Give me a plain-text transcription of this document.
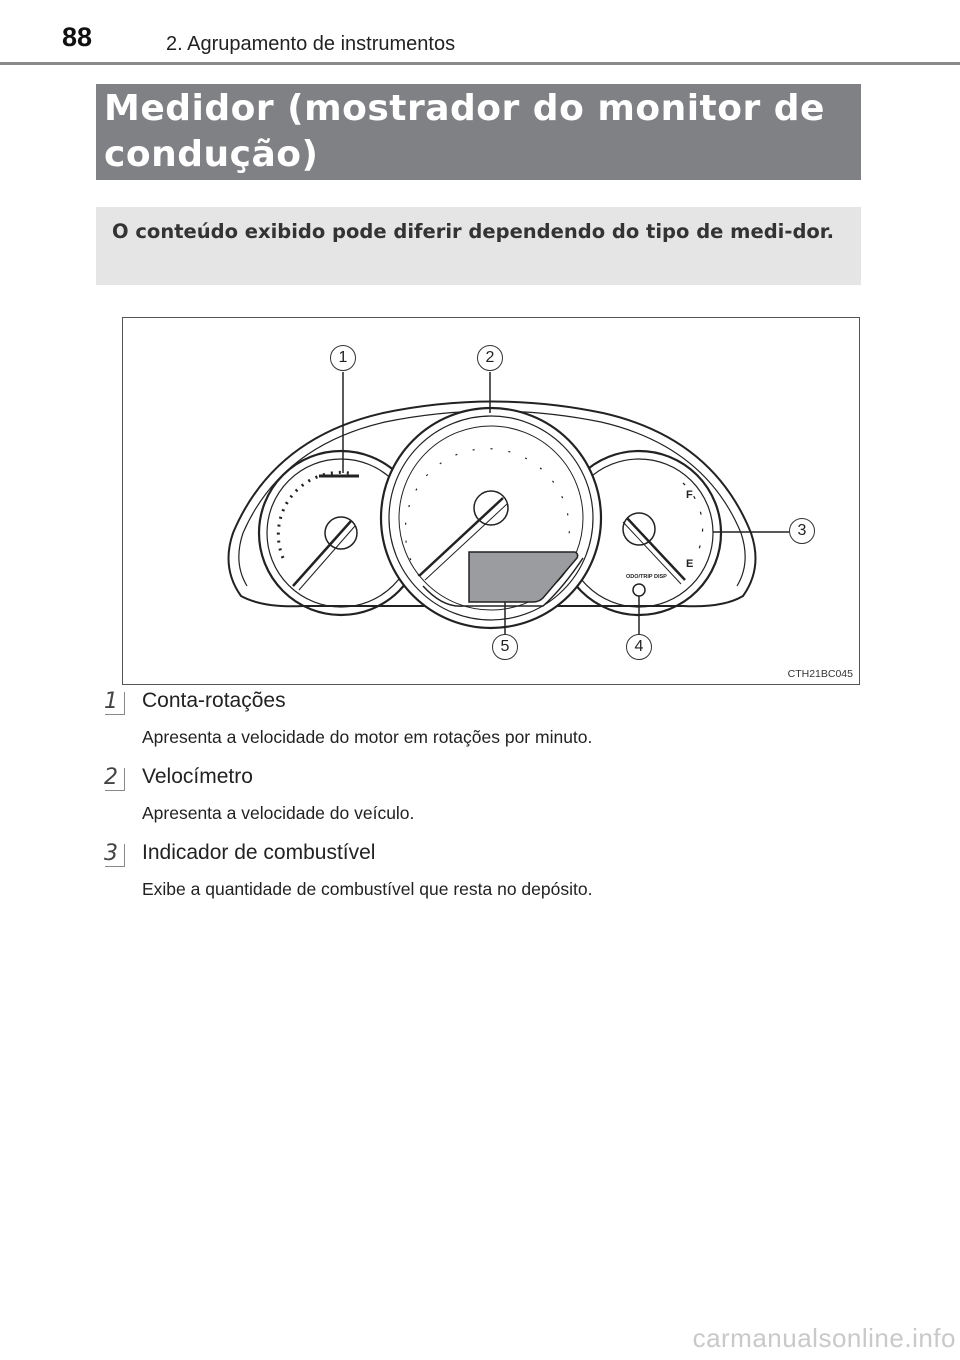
88	2. Agrupamento de instrumentos
Medidor (mostrador do monitor de condução)
O conteúdo exibido pode diferir dependendo do tipo de medi-dor.
F
E
ODO/TRIP DISP
1	2
3
4
5
CTH21BC045
1	Conta-rotações
Apresenta a velocidade do motor em rotações por minuto.
2	Velocímetro
Apresenta a velocidade do veículo.
3	Indicador de combustível
Exibe a quantidade de combustível que resta no depósito.
carmanualsonline.info
